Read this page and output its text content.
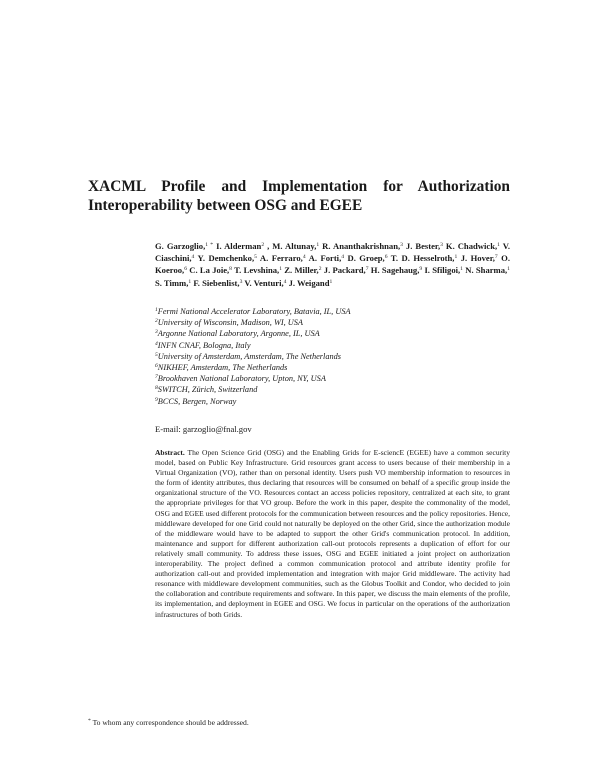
XACML Profile and Implementation for Authorization Interoperability between OSG and EGEE
G. Garzoglio,$^{1 *}$ I. Alderman$^2$ , M. Altunay,$^1$ R. Ananthakrishnan,$^3$ J. Bester,$^3$ K. Chadwick,$^1$ V. Ciaschini,$^4$ Y. Demchenko,$^5$ A. Ferraro,$^4$ A. Forti,$^4$ D. Groep,$^6$ T. D. Hesselroth,$^1$ J. Hover,$^7$ O. Koeroo,$^6$ C. La Joie,$^8$ T. Levshina,$^1$ Z. Miller,$^2$ J. Packard,$^7$ H. Sagehaug,$^9$ I. Sfiligoi,$^1$ N. Sharma,$^1$ S. Timm,$^1$ F. Siebenlist,$^3$ V. Venturi,$^4$ J. Weigand$^1$
$^1$Fermi National Accelerator Laboratory, Batavia, IL, USA
$^2$University of Wisconsin, Madison, WI, USA
$^3$Argonne National Laboratory, Argonne, IL, USA
$^4$INFN CNAF, Bologna, Italy
$^5$University of Amsterdam, Amsterdam, The Netherlands
$^6$NIKHEF, Amsterdam, The Netherlands
$^7$Brookhaven National Laboratory, Upton, NY, USA
$^8$SWITCH, Zürich, Switzerland
$^9$BCCS, Bergen, Norway
E-mail: garzoglio@fnal.gov
Abstract. The Open Science Grid (OSG) and the Enabling Grids for E-sciencE (EGEE) have a common security model, based on Public Key Infrastructure. Grid resources grant access to users because of their membership in a Virtual Organization (VO), rather than on personal identity. Users push VO membership information to resources in the form of identity attributes, thus declaring that resources will be consumed on behalf of a specific group inside the organizational structure of the VO. Resources contact an access policies repository, centralized at each site, to grant the appropriate privileges for that VO group. Before the work in this paper, despite the commonality of the model, OSG and EGEE used different protocols for the communication between resources and the policy repositories. Hence, middleware developed for one Grid could not naturally be deployed on the other Grid, since the authorization module of the middleware would have to be adapted to support the other Grid's communication protocol. In addition, maintenance and support for different authorization call-out protocols represents a duplication of effort for our relatively small community. To address these issues, OSG and EGEE initiated a joint project on authorization interoperability. The project defined a common communication protocol and attribute identity profile for authorization call-out and provided implementation and integration with major Grid middleware. The activity had resonance with middleware development communities, such as the Globus Toolkit and Condor, who decided to join the collaboration and contribute requirements and software. In this paper, we discuss the main elements of the profile, its implementation, and deployment in EGEE and OSG. We focus in particular on the operations of the authorization infrastructures of both Grids.
* To whom any correspondence should be addressed.
